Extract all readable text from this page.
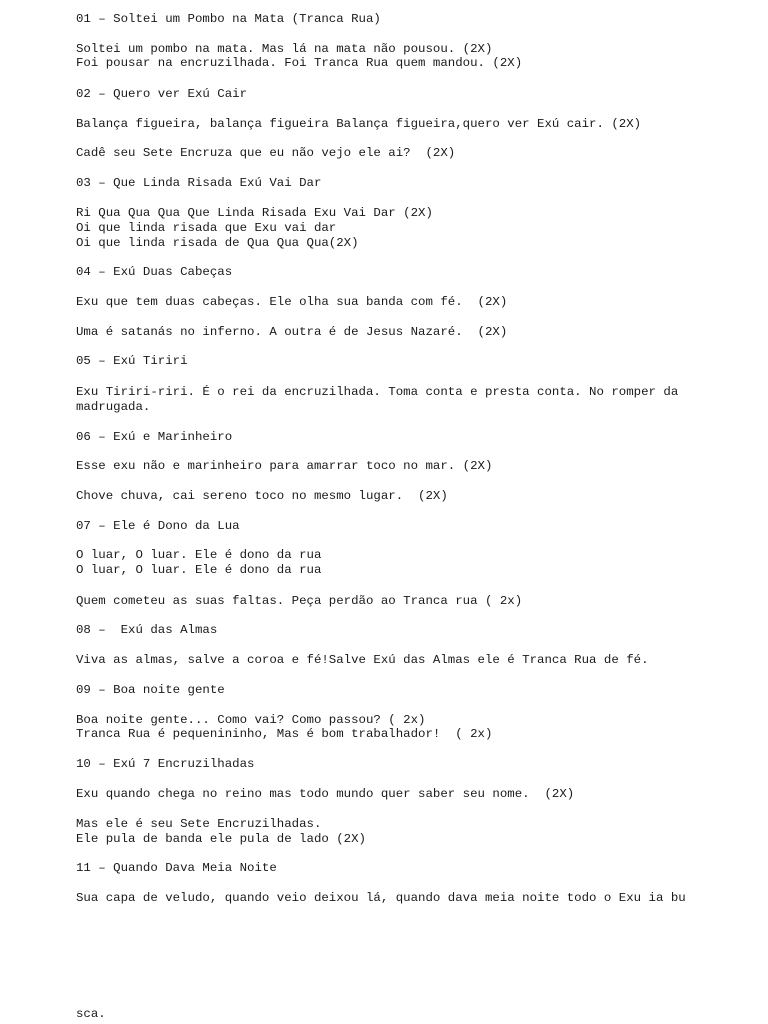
01 – Soltei um Pombo na Mata (Tranca Rua)

Soltei um pombo na mata. Mas lá na mata não pousou. (2X)

Foi pousar na encruzilhada. Foi Tranca Rua quem mandou. (2X)

02 – Quero ver Exú Cair

Balança figueira, balança figueira Balança figueira,quero ver Exú cair. (2X)

Cadê seu Sete Encruza que eu não vejo ele ai?  (2X)

03 – Que Linda Risada Exú Vai Dar

Ri Qua Qua Qua Que Linda Risada Exu Vai Dar (2X)

Oi que linda risada que Exu vai dar

Oi que linda risada de Qua Qua Qua(2X)

04 – Exú Duas Cabeças

Exu que tem duas cabeças. Ele olha sua banda com fé.  (2X)

Uma é satanás no inferno. A outra é de Jesus Nazaré.  (2X)

05 – Exú Tiriri

Exu Tiriri-riri. É o rei da encruzilhada. Toma conta e presta conta. No romper da

madrugada.

06 – Exú e Marinheiro

Esse exu não e marinheiro para amarrar toco no mar. (2X)

Chove chuva, cai sereno toco no mesmo lugar.  (2X)

07 – Ele é Dono da Lua

O luar, O luar. Ele é dono da rua

O luar, O luar. Ele é dono da rua

Quem cometeu as suas faltas. Peça perdão ao Tranca rua ( 2x)

08 –  Exú das Almas

Viva as almas, salve a coroa e fé!Salve Exú das Almas ele é Tranca Rua de fé.

09 – Boa noite gente

Boa noite gente... Como vai? Como passou? ( 2x)

Tranca Rua é pequenininho, Mas é bom trabalhador!  ( 2x)

10 – Exú 7 Encruzilhadas

Exu quando chega no reino mas todo mundo quer saber seu nome.  (2X)

Mas ele é seu Sete Encruzilhadas.

Ele pula de banda ele pula de lado (2X)

11 – Quando Dava Meia Noite

Sua capa de veludo, quando veio deixou lá, quando dava meia noite todo o Exu ia bu

sca.
